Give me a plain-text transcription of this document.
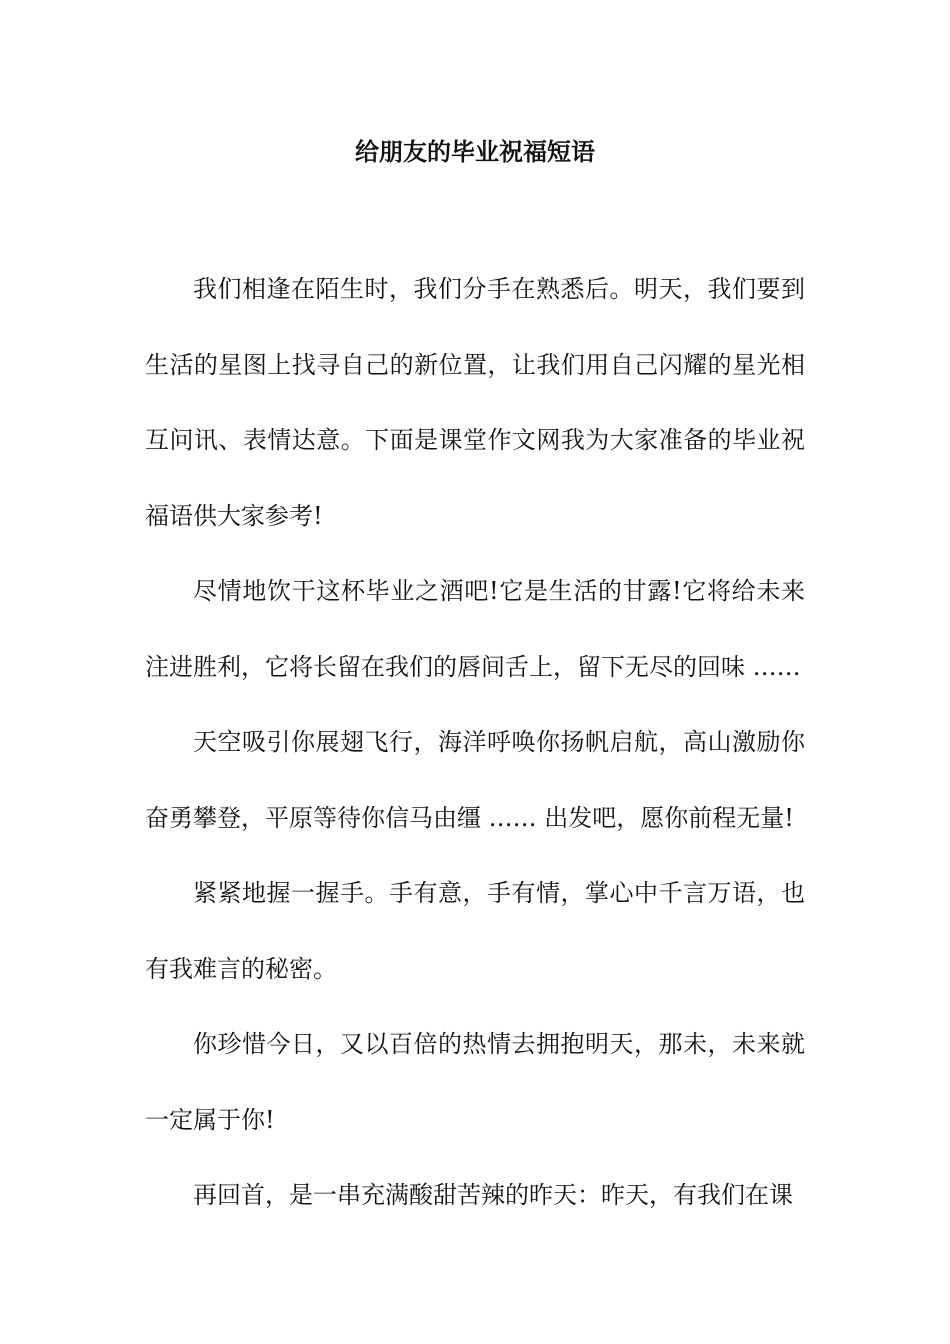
给朋友的毕业祝福短语

我们相逢在陌生时，我们分手在熟悉后。明天，我们要到生活的星图上找寻自己的新位置，让我们用自己闪耀的星光相互问讯、表情达意。下面是课堂作文网我为大家准备的毕业祝福语供大家参考!

尽情地饮干这杯毕业之酒吧!它是生活的甘露!它将给未来注进胜利，它将长留在我们的唇间舌上，留下无尽的回味 ……

天空吸引你展翅飞行，海洋呼唤你扬帆启航，高山激励你奋勇攀登，平原等待你信马由缰 …… 出发吧，愿你前程无量!

紧紧地握一握手。手有意，手有情，掌心中千言万语，也有我难言的秘密。

你珍惜今日，又以百倍的热情去拥抱明天，那未，未来就一定属于你!

再回首，是一串充满酸甜苦辣的昨天：昨天，有我们在课
